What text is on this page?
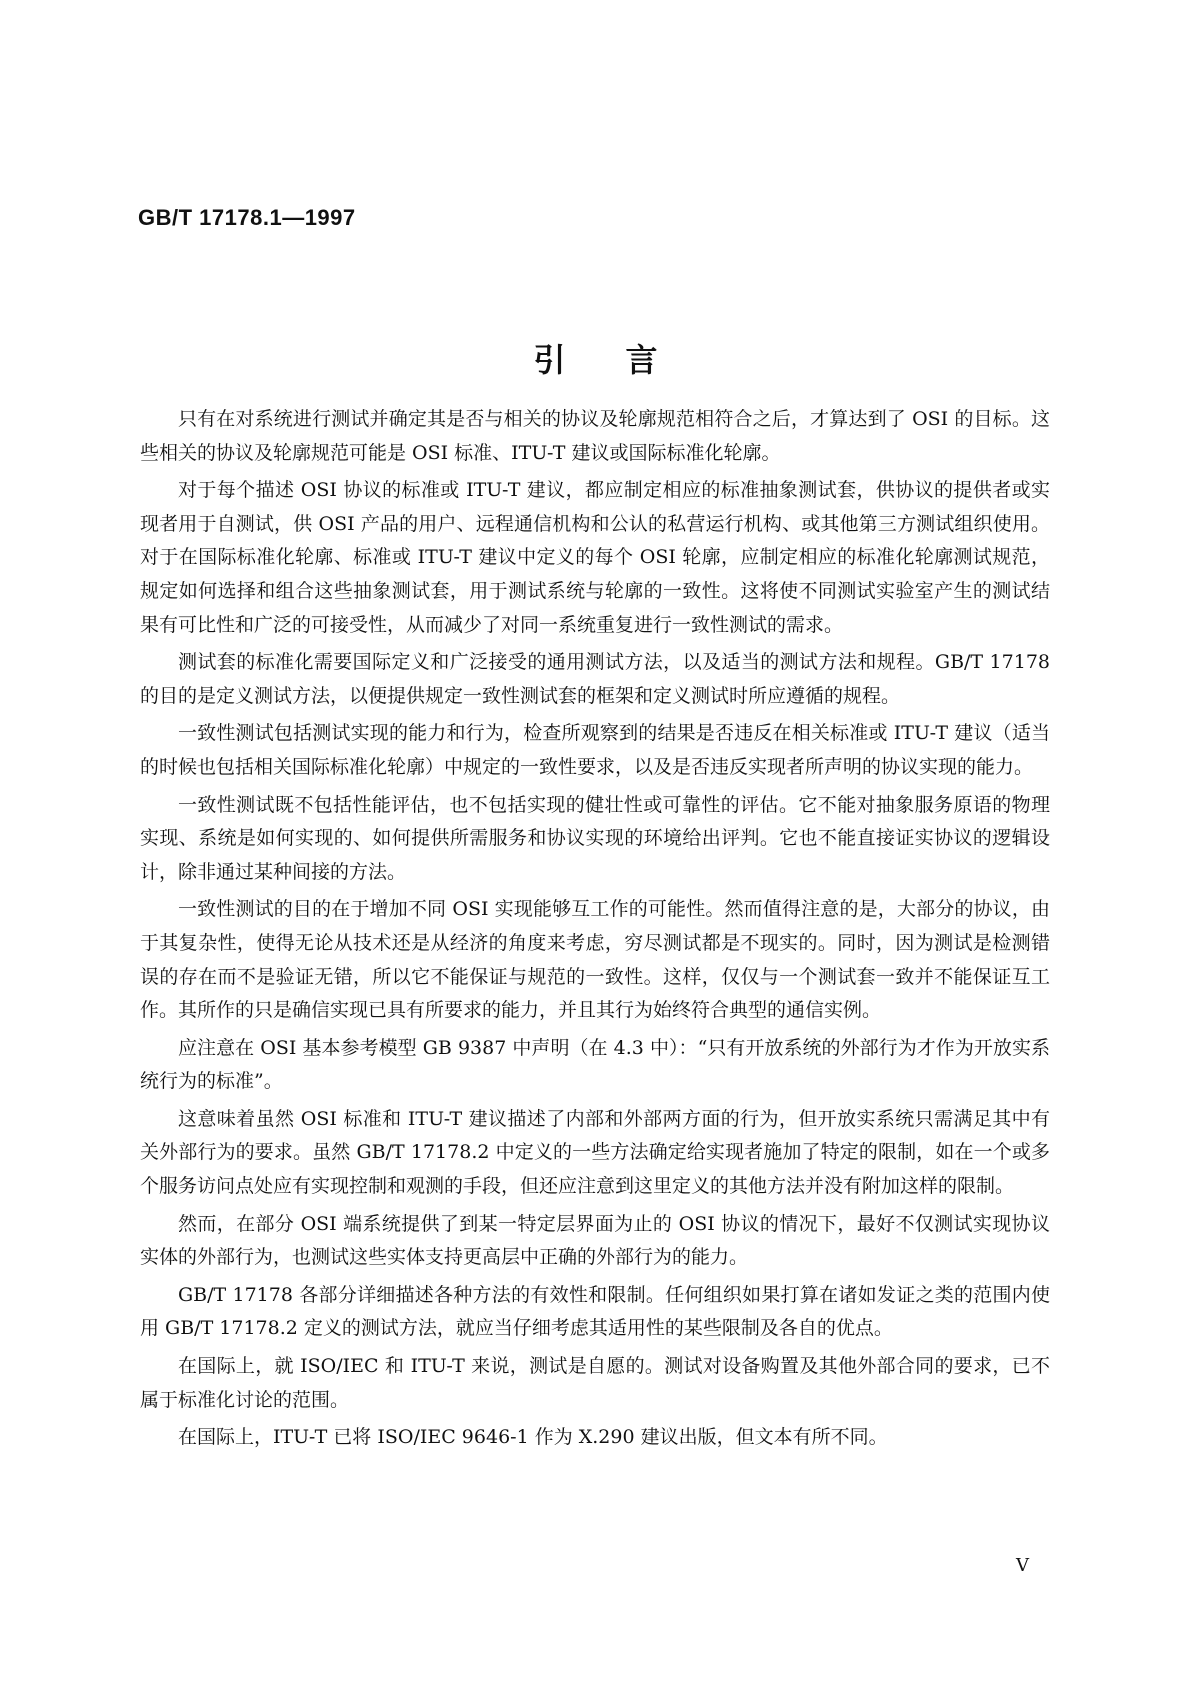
GB/T 17178.1—1997
引言

只有在对系统进行测试并确定其是否与相关的协议及轮廓规范相符合之后，才算达到了 OSI 的目标。这些相关的协议及轮廓规范可能是 OSI 标准、ITU-T 建议或国际标准化轮廓。

对于每个描述 OSI 协议的标准或 ITU-T 建议，都应制定相应的标准抽象测试套，供协议的提供者或实现者用于自测试，供 OSI 产品的用户、远程通信机构和公认的私营运行机构、或其他第三方测试组织使用。对于在国际标准化轮廓、标准或 ITU-T 建议中定义的每个 OSI 轮廓，应制定相应的标准化轮廓测试规范，规定如何选择和组合这些抽象测试套，用于测试系统与轮廓的一致性。这将使不同测试实验室产生的测试结果有可比性和广泛的可接受性，从而减少了对同一系统重复进行一致性测试的需求。

测试套的标准化需要国际定义和广泛接受的通用测试方法，以及适当的测试方法和规程。GB/T 17178的目的是定义测试方法，以便提供规定一致性测试套的框架和定义测试时所应遵循的规程。

一致性测试包括测试实现的能力和行为，检查所观察到的结果是否违反在相关标准或 ITU-T 建议（适当的时候也包括相关国际标准化轮廓）中规定的一致性要求，以及是否违反实现者所声明的协议实现的能力。

一致性测试既不包括性能评估，也不包括实现的健壮性或可靠性的评估。它不能对抽象服务原语的物理实现、系统是如何实现的、如何提供所需服务和协议实现的环境给出评判。它也不能直接证实协议的逻辑设计，除非通过某种间接的方法。

一致性测试的目的在于增加不同 OSI 实现能够互工作的可能性。然而值得注意的是，大部分的协议，由于其复杂性，使得无论从技术还是从经济的角度来考虑，穷尽测试都是不现实的。同时，因为测试是检测错误的存在而不是验证无错，所以它不能保证与规范的一致性。这样，仅仅与一个测试套一致并不能保证互工作。其所作的只是确信实现已具有所要求的能力，并且其行为始终符合典型的通信实例。

应注意在 OSI 基本参考模型 GB 9387 中声明（在 4.3 中）：“只有开放系统的外部行为才作为开放实系统行为的标准”。

这意味着虽然 OSI 标准和 ITU-T 建议描述了内部和外部两方面的行为，但开放实系统只需满足其中有关外部行为的要求。虽然 GB/T 17178.2 中定义的一些方法确定给实现者施加了特定的限制，如在一个或多个服务访问点处应有实现控制和观测的手段，但还应注意到这里定义的其他方法并没有附加这样的限制。

然而，在部分 OSI 端系统提供了到某一特定层界面为止的 OSI 协议的情况下，最好不仅测试实现协议实体的外部行为，也测试这些实体支持更高层中正确的外部行为的能力。

GB/T 17178 各部分详细描述各种方法的有效性和限制。任何组织如果打算在诸如发证之类的范围内使用 GB/T 17178.2 定义的测试方法，就应当仔细考虑其适用性的某些限制及各自的优点。

在国际上，就 ISO/IEC 和 ITU-T 来说，测试是自愿的。测试对设备购置及其他外部合同的要求，已不属于标准化讨论的范围。

在国际上，ITU-T 已将 ISO/IEC 9646-1 作为 X.290 建议出版，但文本有所不同。

V
